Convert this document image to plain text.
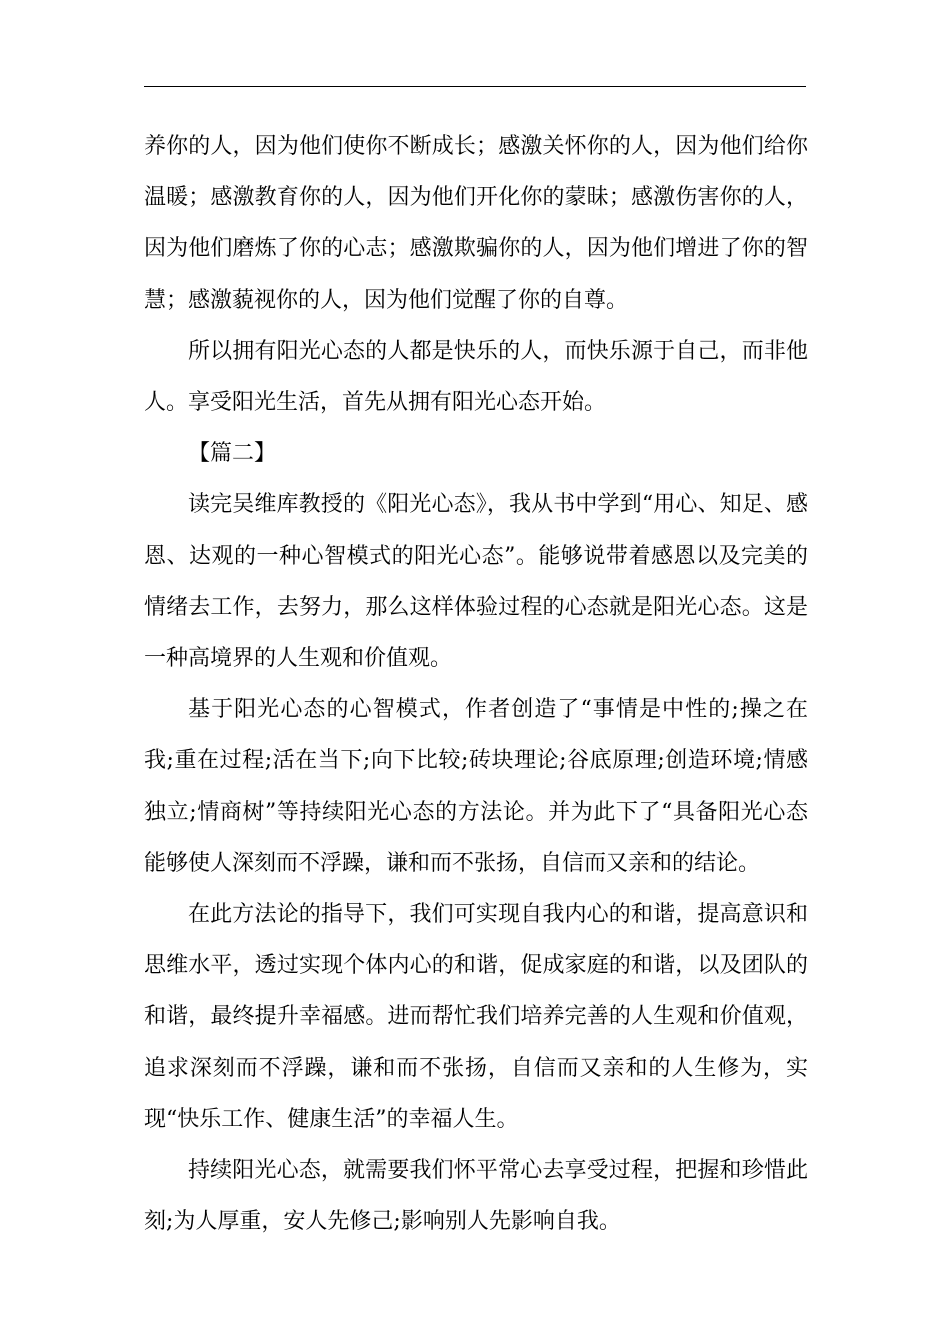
养你的人，因为他们使你不断成长；感激关怀你的人，因为他们给你温暖；感激教育你的人，因为他们开化你的蒙昧；感激伤害你的人，因为他们磨炼了你的心志；感激欺骗你的人，因为他们增进了你的智慧；感激藐视你的人，因为他们觉醒了你的自尊。

所以拥有阳光心态的人都是快乐的人，而快乐源于自己，而非他人。享受阳光生活，首先从拥有阳光心态开始。

【篇二】

读完吴维库教授的《阳光心态》，我从书中学到“用心、知足、感恩、达观的一种心智模式的阳光心态”。能够说带着感恩以及完美的情绪去工作，去努力，那么这样体验过程的心态就是阳光心态。这是一种高境界的人生观和价值观。

基于阳光心态的心智模式，作者创造了“事情是中性的;操之在我;重在过程;活在当下;向下比较;砖块理论;谷底原理;创造环境;情感独立;情商树”等持续阳光心态的方法论。并为此下了“具备阳光心态能够使人深刻而不浮躁，谦和而不张扬，自信而又亲和的结论。

在此方法论的指导下，我们可实现自我内心的和谐，提高意识和思维水平，透过实现个体内心的和谐，促成家庭的和谐，以及团队的和谐，最终提升幸福感。进而帮忙我们培养完善的人生观和价值观，追求深刻而不浮躁，谦和而不张扬，自信而又亲和的人生修为，实现“快乐工作、健康生活”的幸福人生。

持续阳光心态，就需要我们怀平常心去享受过程，把握和珍惜此刻;为人厚重，安人先修己;影响别人先影响自我。
